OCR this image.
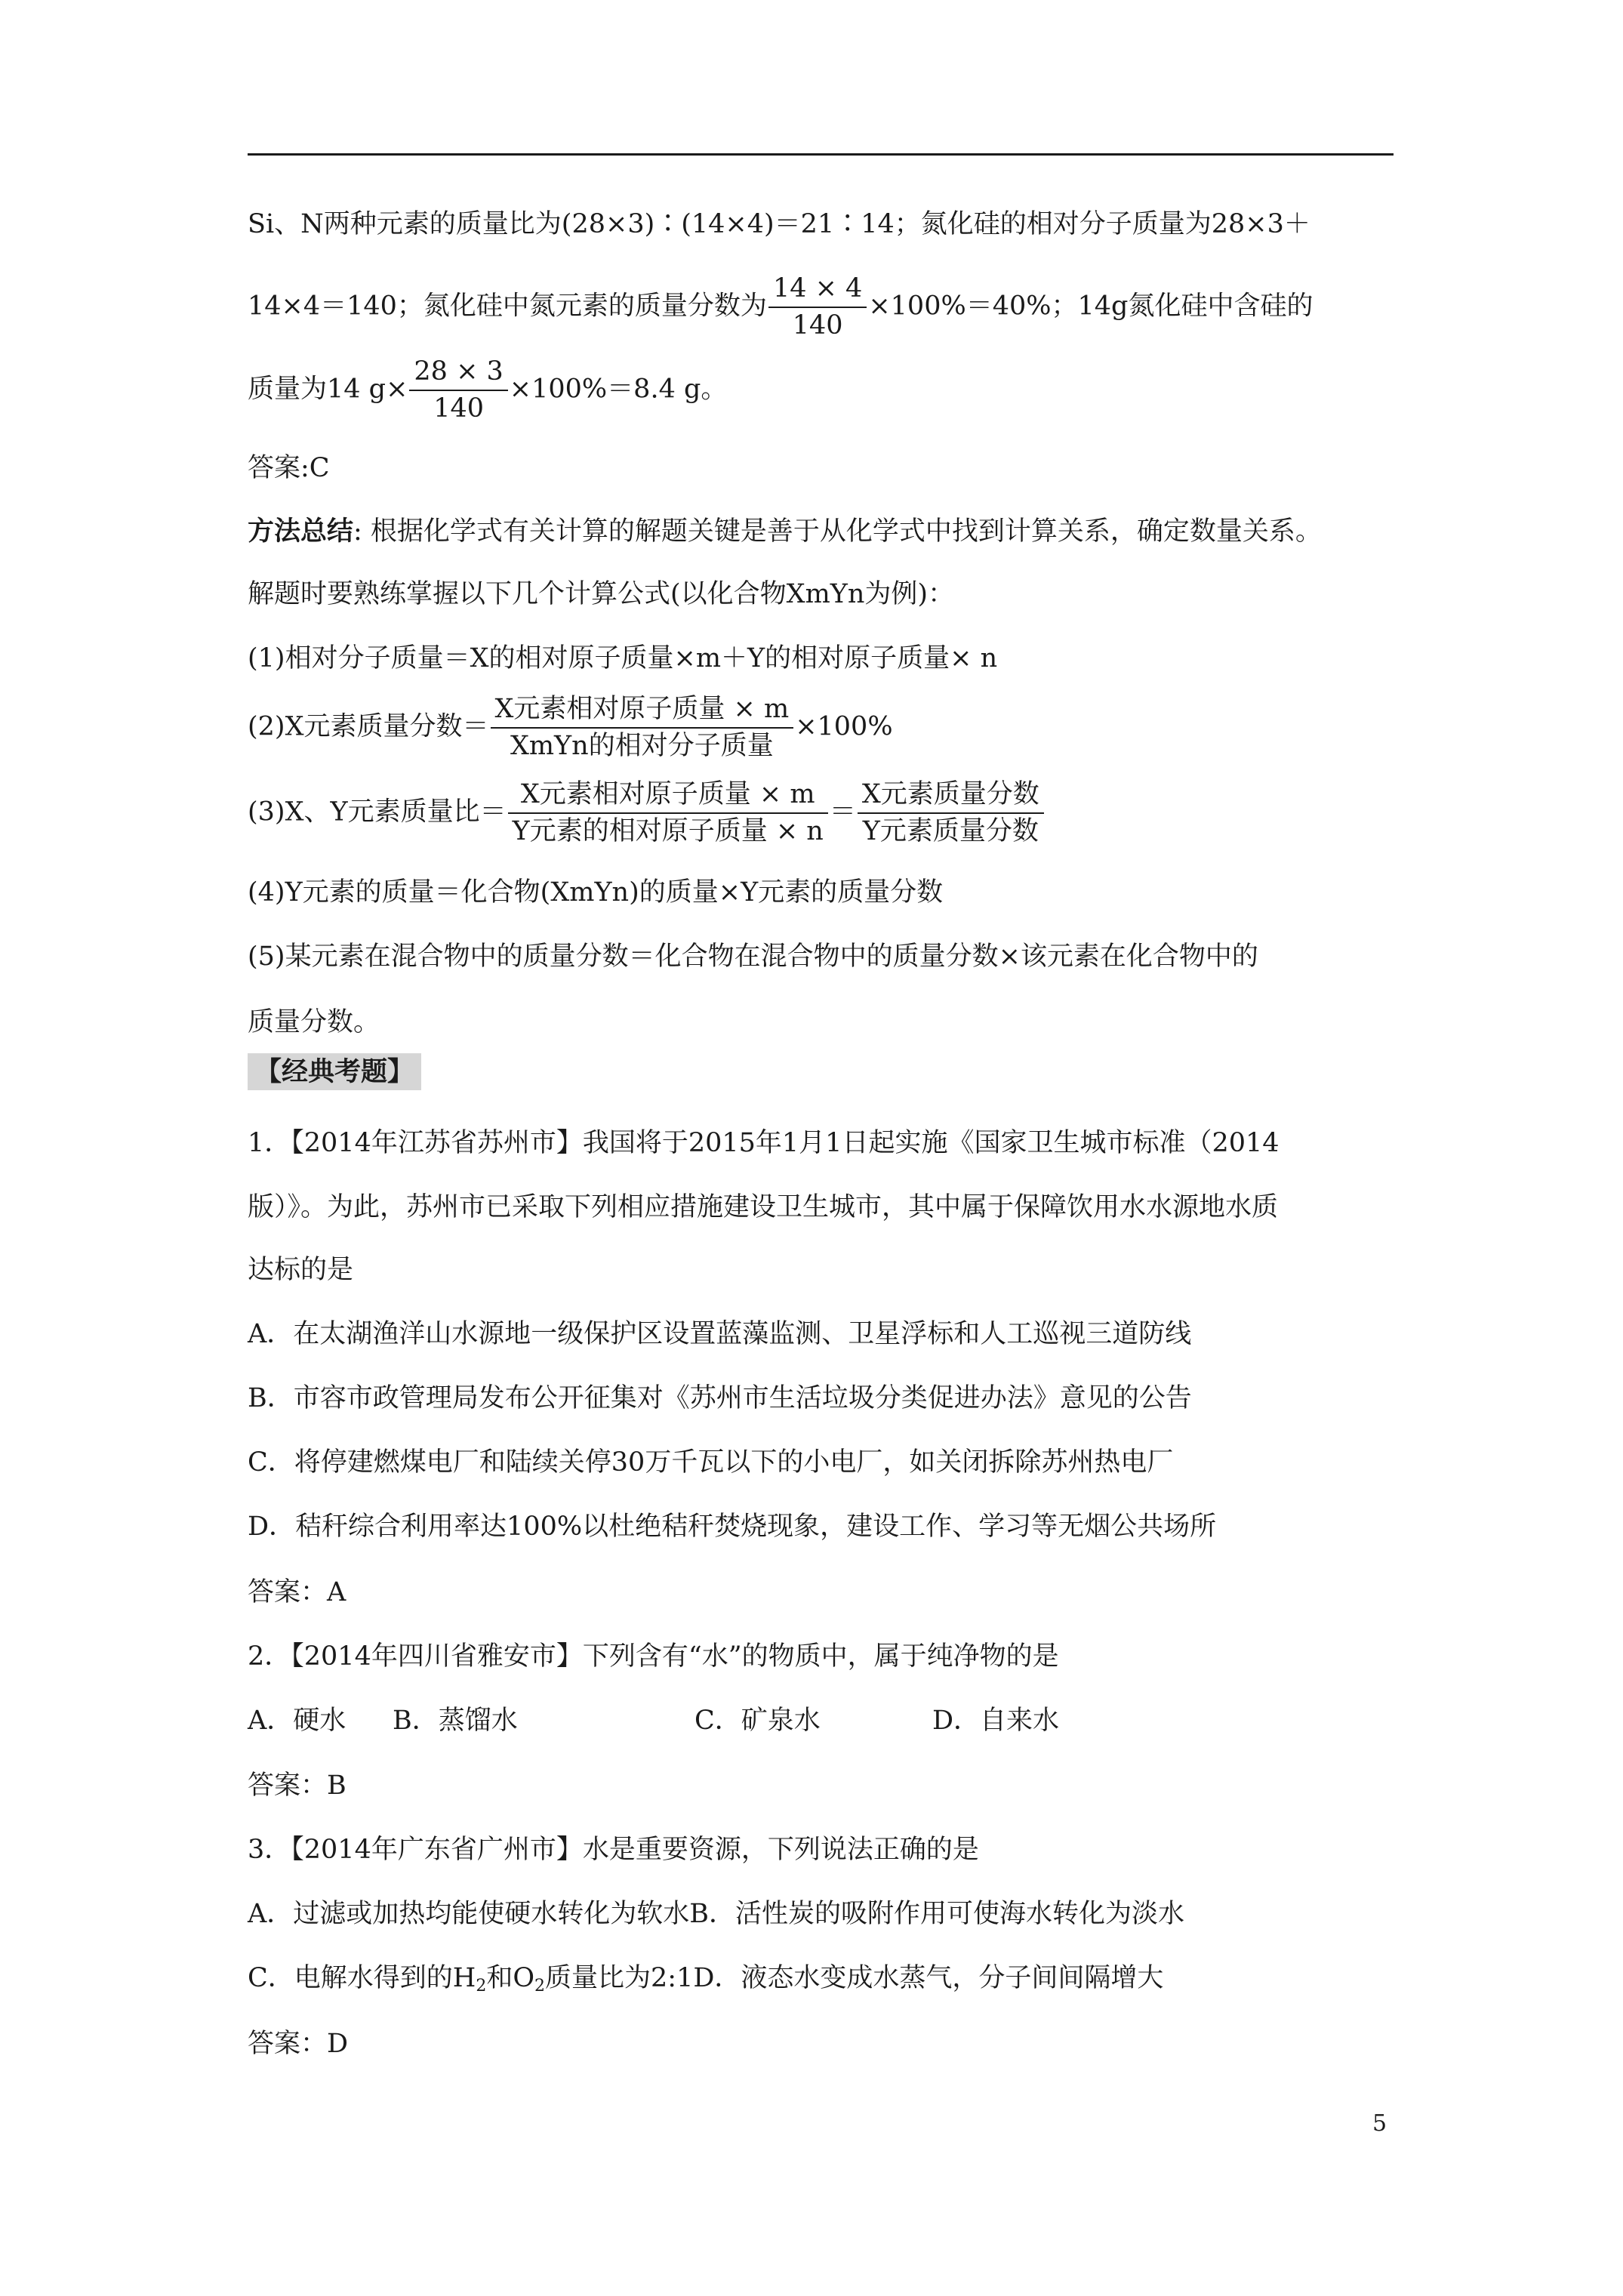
Si、N两种元素的质量比为(28×3)∶(14×4)＝21∶14；氮化硅的相对分子质量为28×3＋
14×4＝140；氮化硅中氮元素的质量分数为 $\frac{14 \times 4}{140} \times 100\%=40\%$；14g氮化硅中含硅的
质量为14 $g\times \frac{28 \times 3}{140} \times 100\%=8.4$ g。
答案:C
方法总结: 根据化学式有关计算的解题关键是善于从化学式中找到计算关系，确定数量关系。
解题时要熟练掌握以下几个计算公式(以化合物XmYn为例)：
(1)相对分子质量＝X的相对原子质量×m＋Y的相对原子质量× n
(2)X元素质量分数＝ $\frac{\text{X元素相对原子质量 × m}}{\text{XmYn的相对分子质量}} \times 100\%$
(3)X、Y元素质量比＝ $\frac{\text{X元素相对原子质量 × m}}{\text{Y元素的相对原子质量 × n}} = \frac{\text{X元素质量分数}}{\text{Y元素质量分数}}$
(4)Y元素的质量＝化合物(XmYn)的质量×Y元素的质量分数
(5)某元素在混合物中的质量分数＝化合物在混合物中的质量分数×该元素在化合物中的
质量分数。
【经典考题】
1．【2014年江苏省苏州市】我国将于2015年1月1日起实施《国家卫生城市标准（2014
版）》。为此，苏州市已采取下列相应措施建设卫生城市，其中属于保障饮用水水源地水质
达标的是
A．在太湖渔洋山水源地一级保护区设置蓝藻监测、卫星浮标和人工巡视三道防线
B．市容市政管理局发布公开征集对《苏州市生活垃圾分类促进办法》意见的公告
C．将停建燃煤电厂和陆续关停30万千瓦以下的小电厂，如关闭拆除苏州热电厂
D．秸秆综合利用率达100%以杜绝秸秆焚烧现象，建设工作、学习等无烟公共场所
答案：A
2．【2014年四川省雅安市】下列含有“水”的物质中，属于纯净物的是
A．硬水 B．蒸馏水	C．矿泉水	D．自来水
答案：B
3．【2014年广东省广州市】水是重要资源，下列说法正确的是
A．过滤或加热均能使硬水转化为软水B．活性炭的吸附作用可使海水转化为淡水
C．电解水得到的$H_2$和$O_2$质量比为2:1D．液态水变成水蒸气，分子间间隔增大
答案：D
5
